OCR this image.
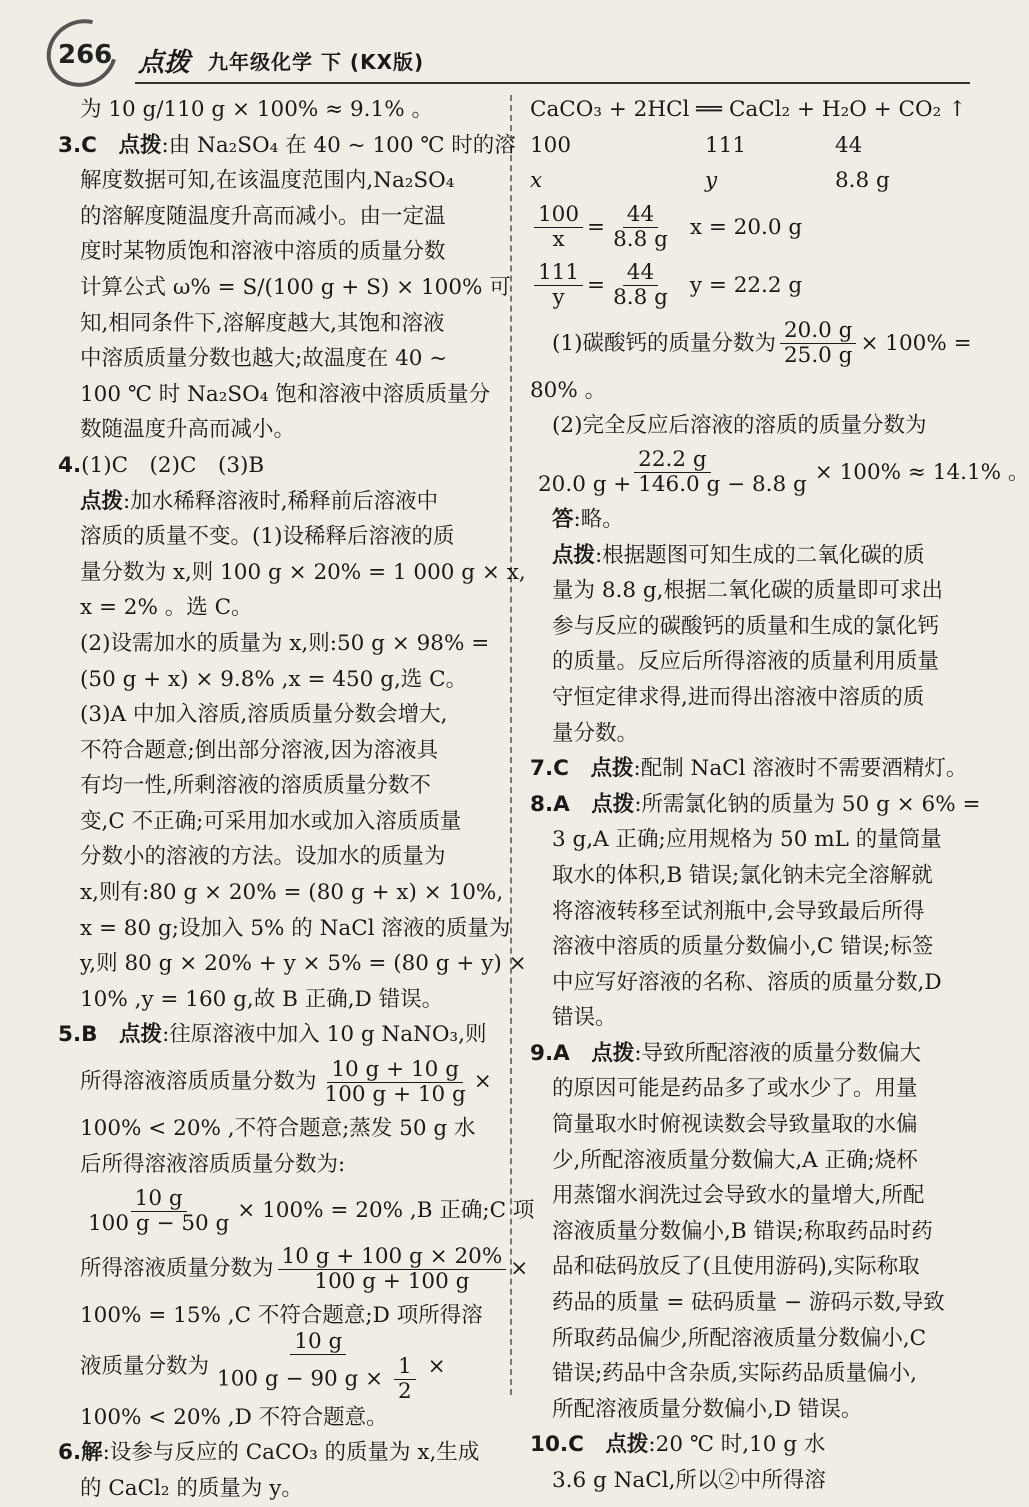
266 点拨 九年级化学 下 (KX版)
为 10 g/110 g × 100% ≈ 9.1% 。
3.C　 点拨:由 Na₂SO₄ 在 40 ~ 100 ℃ 时的溶
解度数据可知,在该温度范围内,Na₂SO₄
的溶解度随温度升高而减小。由一定温
度时某物质饱和溶液中溶质的质量分数
计算公式 ω% = S/(100 g + S) × 100% 可
知,相同条件下,溶解度越大,其饱和溶液
中溶质质量分数也越大;故温度在 40 ~
100 ℃ 时 Na₂SO₄ 饱和溶液中溶质质量分
数随温度升高而减小。
4.(1)C　(2)C　(3)B
点拨:加水稀释溶液时,稀释前后溶液中
溶质的质量不变。(1)设稀释后溶液的质
量分数为 x,则 100 g × 20% = 1 000 g × x,
x = 2% 。选 C。
(2)设需加水的质量为 x,则:50 g × 98% =
(50 g + x) × 9.8% ,x = 450 g,选 C。
(3)A 中加入溶质,溶质质量分数会增大,
不符合题意;倒出部分溶液,因为溶液具
有均一性,所剩溶液的溶质质量分数不
变,C 不正确;可采用加水或加入溶质质量
分数小的溶液的方法。设加水的质量为
x,则有:80 g × 20% = (80 g + x) × 10%,
x = 80 g;设加入 5% 的 NaCl 溶液的质量为
y,则 80 g × 20% + y × 5% = (80 g + y) ×
10% ,y = 160 g,故 B 正确,D 错误。
5.B　 点拨:往原溶液中加入 10 g NaNO₃,则
所得溶液溶质质量分数为 $\frac{10 g + 10 g}{100 g + 10 g}$ ×
100% < 20% ,不符合题意;蒸发 50 g 水
后所得溶液溶质质量分数为:
$\frac{10 g}{100 g - 50 g} \times 100\% = 20\%$ ,B 正确;C 项
所得溶液质量分数为 $\frac{10 g + 100 g \times 20\%}{100 g + 100 g}$ ×
100% = 15% ,C 不符合题意;D 项所得溶
液质量分数为 $\frac{10 g}{100 g - 90 g \times \frac{1}{2}}$ ×
100% < 20% ,D 不符合题意。
6.解:设参与反应的 CaCO₃ 的质量为 x,生成
的 CaCl₂ 的质量为 y。
CaCO₃ + 2HCl ══ CaCl₂ + H₂O + CO₂ ↑
100	111	44
x	y	8.8 g
$\frac{100}{x} = \frac{44}{8.8 g}$ x = 20.0 g
$\frac{111}{y} = \frac{44}{8.8 g}$ y = 22.2 g
(1)碳酸钙的质量分数为 $\frac{20.0 g}{25.0 g} \times 100\%$ =
80% 。
(2)完全反应后溶液的溶质的质量分数为
$\frac{22.2 g}{20.0 g + 146.0 g - 8.8 g} \times 100\% \approx 14.1\%$ 。
答:略。
点拨:根据题图可知生成的二氧化碳的质
量为 8.8 g,根据二氧化碳的质量即可求出
参与反应的碳酸钙的质量和生成的氯化钙
的质量。反应后所得溶液的质量利用质量
守恒定律求得,进而得出溶液中溶质的质
量分数。
7.C　 点拨:配制 NaCl 溶液时不需要酒精灯。
8.A　 点拨:所需氯化钠的质量为 50 g × 6% =
3 g,A 正确;应用规格为 50 mL 的量筒量
取水的体积,B 错误;氯化钠未完全溶解就
将溶液转移至试剂瓶中,会导致最后所得
溶液中溶质的质量分数偏小,C 错误;标签
中应写好溶液的名称、溶质的质量分数,D
错误。
9.A　 点拨:导致所配溶液的质量分数偏大
的原因可能是药品多了或水少了。用量
筒量取水时俯视读数会导致量取的水偏
少,所配溶液质量分数偏大,A 正确;烧杯
用蒸馏水润洗过会导致水的量增大,所配
溶液质量分数偏小,B 错误;称取药品时药
品和砝码放反了(且使用游码),实际称取
药品的质量 = 砝码质量 − 游码示数,导致
所取药品偏少,所配溶液质量分数偏小,C
错误;药品中含杂质,实际药品质量偏小,
所配溶液质量分数偏小,D 错误。
10.C　 点拨:20 ℃ 时,10 g 水
3.6 g NaCl,所以②中所得溶
